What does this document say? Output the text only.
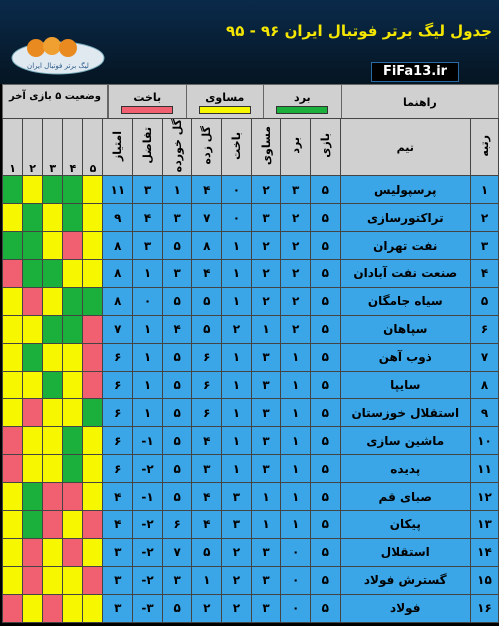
لیگ برتر فوتبال ایران
جدول لیگ برتر فوتبال ایران ۹۶ - ۹۵
FiFa13.ir
وضعیت ۵ بازی آخر	باخت	مساوی	برد	راهنما
۱	۲	۳	۴	۵	امتیاز	تفاضل	گل خورده	گل زده	باخت	مساوی	برد	بازی	تیم	رتبه
					۱۱	۳	۱	۴	۰	۲	۳	۵	پرسپولیس	۱
					۹	۴	۳	۷	۰	۳	۲	۵	تراکتورسازی	۲
					۸	۳	۵	۸	۱	۲	۲	۵	نفت تهران	۳
					۸	۱	۳	۴	۱	۲	۲	۵	صنعت نفت آبادان	۴
					۸	۰	۵	۵	۱	۲	۲	۵	سیاه جامگان	۵
					۷	۱	۴	۵	۲	۱	۲	۵	سپاهان	۶
					۶	۱	۵	۶	۱	۳	۱	۵	ذوب آهن	۷
					۶	۱	۵	۶	۱	۳	۱	۵	سایپا	۸
					۶	۱	۵	۶	۱	۳	۱	۵	استقلال خوزستان	۹
					۶	-۱	۵	۴	۱	۳	۱	۵	ماشین سازی	۱۰
					۶	-۲	۵	۳	۱	۳	۱	۵	پدیده	۱۱
					۴	-۱	۵	۴	۳	۱	۱	۵	صبای قم	۱۲
					۴	-۲	۶	۴	۳	۱	۱	۵	پیکان	۱۳
					۳	-۲	۷	۵	۲	۳	۰	۵	استقلال	۱۴
					۳	-۲	۳	۱	۲	۳	۰	۵	گسترش فولاد	۱۵
					۳	-۳	۵	۲	۲	۳	۰	۵	فولاد	۱۶
